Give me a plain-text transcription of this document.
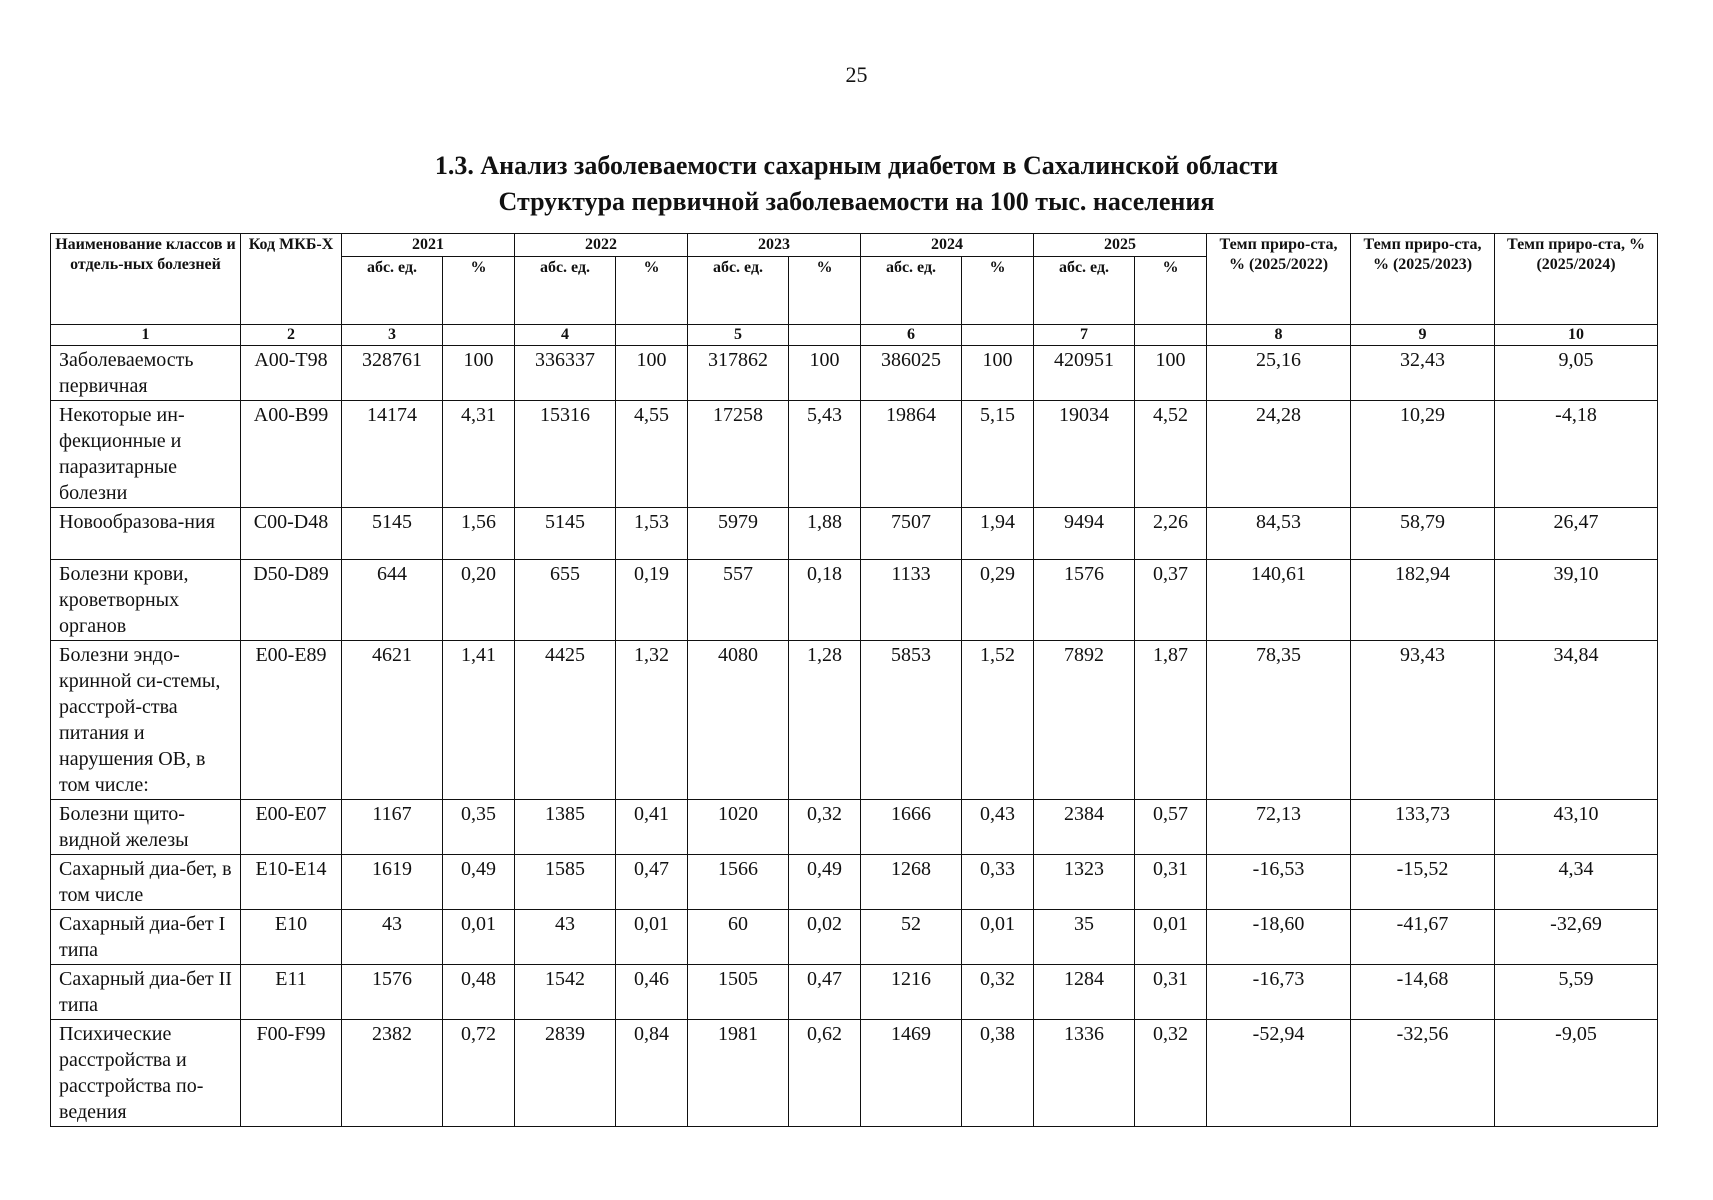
25
1.3. Анализ заболеваемости сахарным диабетом в Сахалинской области
Структура первичной заболеваемости на 100 тыс. населения
Наименование классов и отдель-ных болезней	Код МКБ-Х	2021		2022		2023		2024		2025		Темп приро-ста, % (2025/2022)	Темп приро-ста, % (2025/2023)	Темп приро-ста, % (2025/2024)
		абс. ед.	%	абс. ед.	%	абс. ед.	%	абс. ед.	%	абс. ед.	%			
1	2	3		4		5		6		7		8	9	10
Заболеваемость первичная	А00-Т98	328761	100	336337	100	317862	100	386025	100	420951	100	25,16	32,43	9,05
Некоторые ин-фекционные и паразитарные болезни	А00-В99	14174	4,31	15316	4,55	17258	5,43	19864	5,15	19034	4,52	24,28	10,29	-4,18
Новообразова-ния	С00-D48	5145	1,56	5145	1,53	5979	1,88	7507	1,94	9494	2,26	84,53	58,79	26,47
Болезни крови, кроветворных органов	D50-D89	644	0,20	655	0,19	557	0,18	1133	0,29	1576	0,37	140,61	182,94	39,10
Болезни эндо-кринной си-стемы, расстрой-ства питания и нарушения ОВ, в том числе:	Е00-Е89	4621	1,41	4425	1,32	4080	1,28	5853	1,52	7892	1,87	78,35	93,43	34,84
Болезни щито-видной железы	Е00-Е07	1167	0,35	1385	0,41	1020	0,32	1666	0,43	2384	0,57	72,13	133,73	43,10
Сахарный диа-бет, в том числе	Е10-Е14	1619	0,49	1585	0,47	1566	0,49	1268	0,33	1323	0,31	-16,53	-15,52	4,34
Сахарный диа-бет I типа	Е10	43	0,01	43	0,01	60	0,02	52	0,01	35	0,01	-18,60	-41,67	-32,69
Сахарный диа-бет II типа	Е11	1576	0,48	1542	0,46	1505	0,47	1216	0,32	1284	0,31	-16,73	-14,68	5,59
Психические расстройства и расстройства по-ведения	F00-F99	2382	0,72	2839	0,84	1981	0,62	1469	0,38	1336	0,32	-52,94	-32,56	-9,05
